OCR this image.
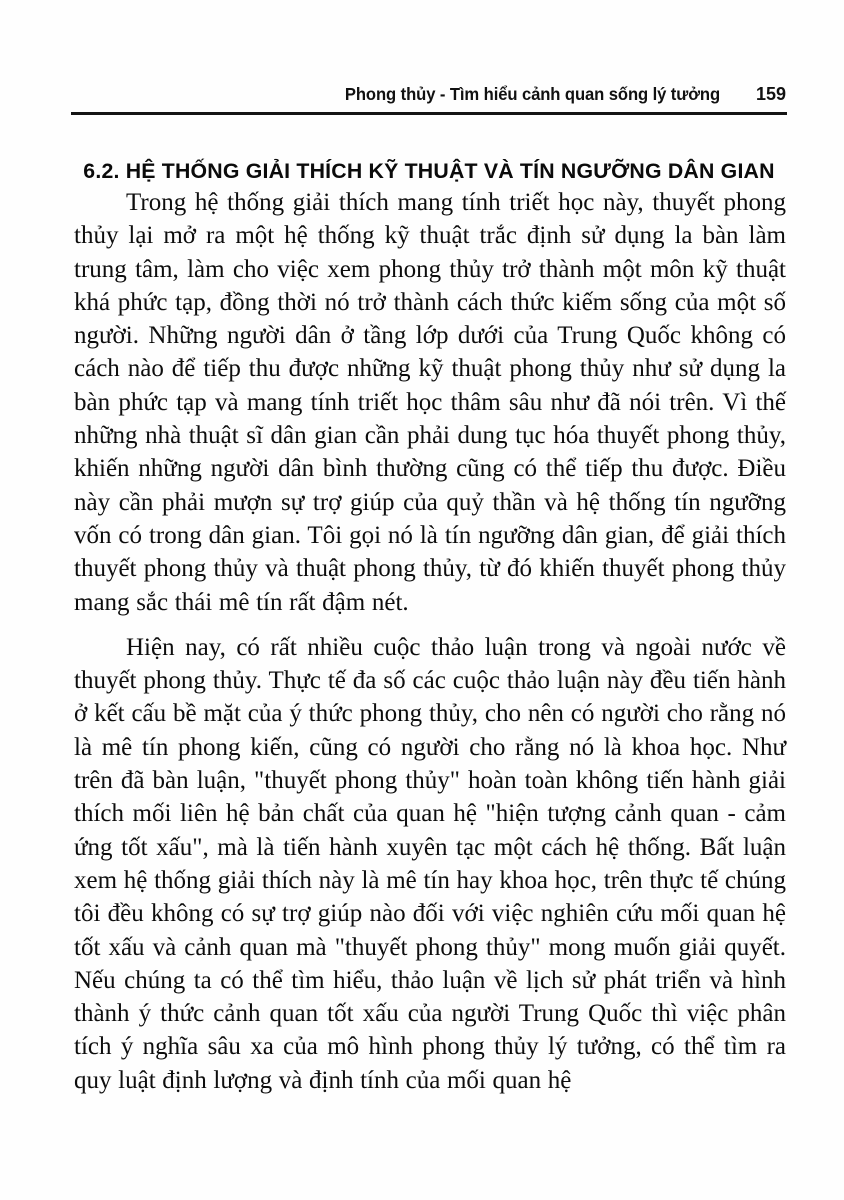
Phong thủy - Tìm hiểu cảnh quan sống lý tưởng 159
6.2. HỆ THỐNG GIẢI THÍCH KỸ THUẬT VÀ TÍN NGƯỠNG DÂN GIAN

Trong hệ thống giải thích mang tính triết học này, thuyết phong thủy lại mở ra một hệ thống kỹ thuật trắc định sử dụng la bàn làm trung tâm, làm cho việc xem phong thủy trở thành một môn kỹ thuật khá phức tạp, đồng thời nó trở thành cách thức kiếm sống của một số người. Những người dân ở tầng lớp dưới của Trung Quốc không có cách nào để tiếp thu được những kỹ thuật phong thủy như sử dụng la bàn phức tạp và mang tính triết học thâm sâu như đã nói trên. Vì thế những nhà thuật sĩ dân gian cần phải dung tục hóa thuyết phong thủy, khiến những người dân bình thường cũng có thể tiếp thu được. Điều này cần phải mượn sự trợ giúp của quỷ thần và hệ thống tín ngưỡng vốn có trong dân gian. Tôi gọi nó là tín ngưỡng dân gian, để giải thích thuyết phong thủy và thuật phong thủy, từ đó khiến thuyết phong thủy mang sắc thái mê tín rất đậm nét.

Hiện nay, có rất nhiều cuộc thảo luận trong và ngoài nước về thuyết phong thủy. Thực tế đa số các cuộc thảo luận này đều tiến hành ở kết cấu bề mặt của ý thức phong thủy, cho nên có người cho rằng nó là mê tín phong kiến, cũng có người cho rằng nó là khoa học. Như trên đã bàn luận, "thuyết phong thủy" hoàn toàn không tiến hành giải thích mối liên hệ bản chất của quan hệ "hiện tượng cảnh quan - cảm ứng tốt xấu", mà là tiến hành xuyên tạc một cách hệ thống. Bất luận xem hệ thống giải thích này là mê tín hay khoa học, trên thực tế chúng tôi đều không có sự trợ giúp nào đối với việc nghiên cứu mối quan hệ tốt xấu và cảnh quan mà "thuyết phong thủy" mong muốn giải quyết. Nếu chúng ta có thể tìm hiểu, thảo luận về lịch sử phát triển và hình thành ý thức cảnh quan tốt xấu của người Trung Quốc thì việc phân tích ý nghĩa sâu xa của mô hình phong thủy lý tưởng, có thể tìm ra quy luật định lượng và định tính của mối quan hệ
